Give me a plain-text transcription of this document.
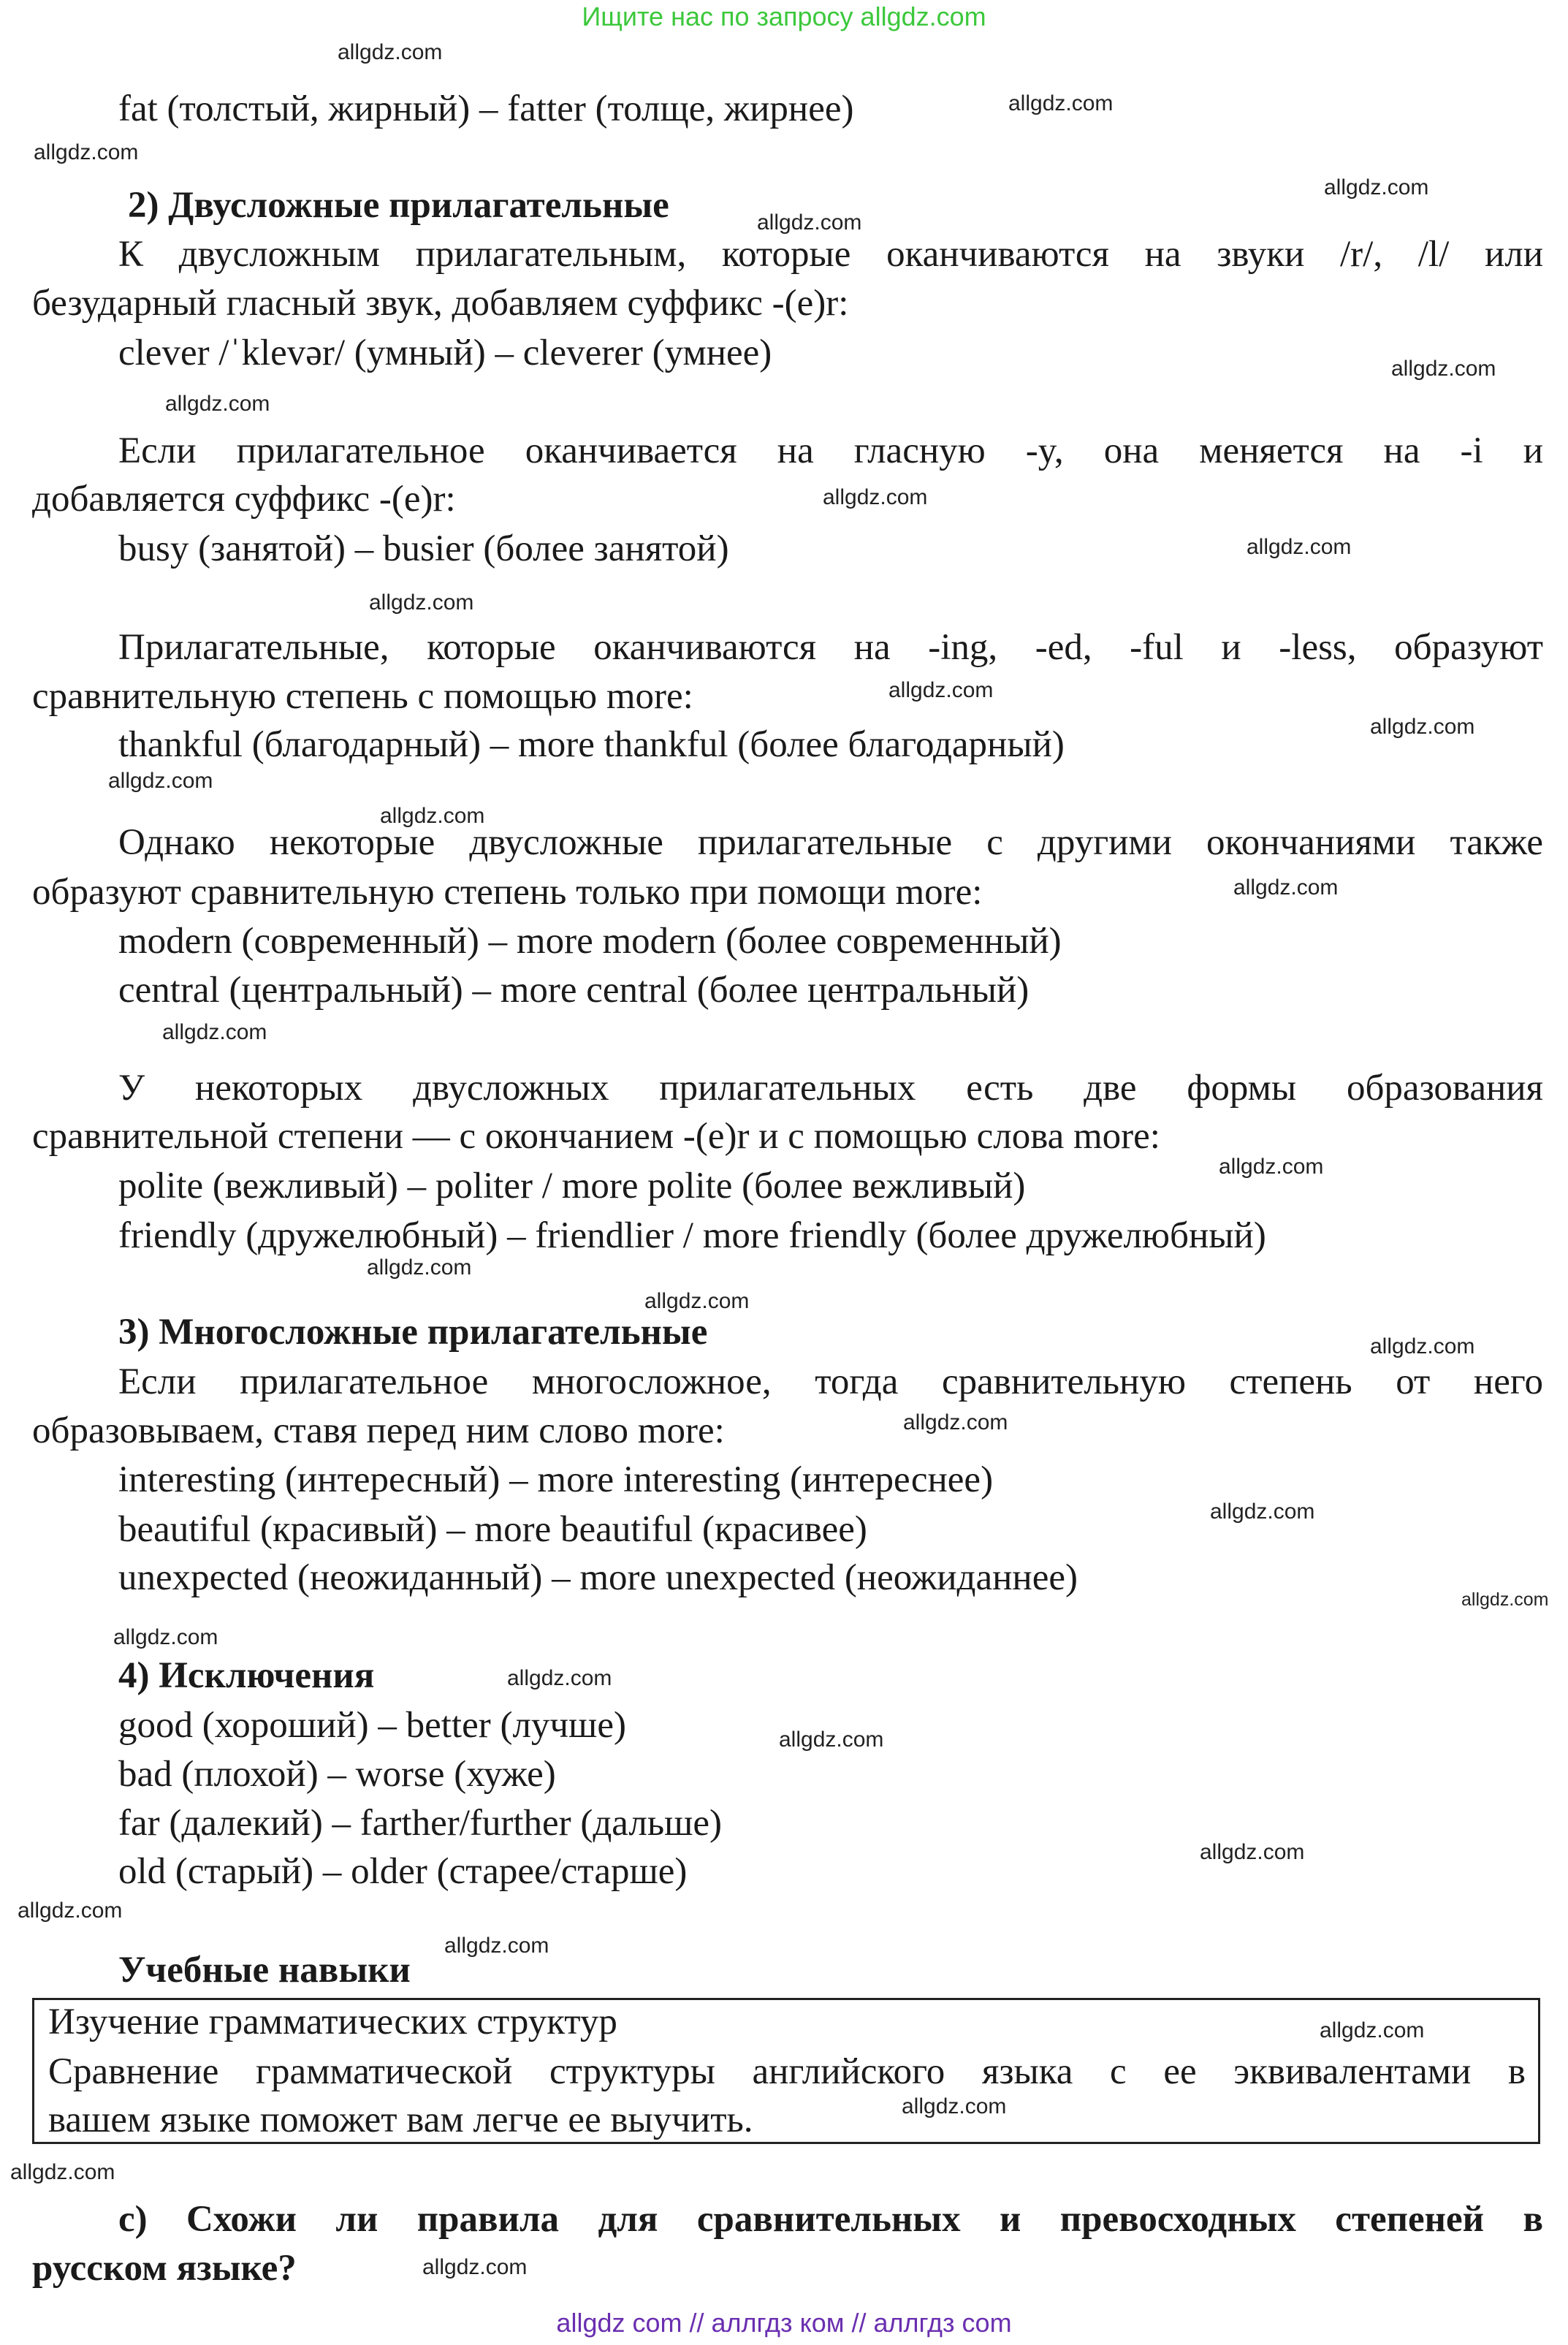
Ищите нас по запросу allgdz.com
fat (толстый, жирный) – fatter (толще, жирнее)
2) Двусложные прилагательные
К двусложным прилагательным, которые оканчиваются на звуки /r/, /l/ или
безударный гласный звук, добавляем суффикс -(e)r:
clever /ˈklevər/ (умный) – cleverer (умнее)
Если прилагательное оканчивается на гласную -y, она меняется на -i и
добавляется суффикс -(e)r:
busy (занятой) – busier (более занятой)
Прилагательные, которые оканчиваются на -ing, -ed, -ful и -less, образуют
сравнительную степень с помощью more:
thankful (благодарный) – more thankful (более благодарный)
Однако некоторые двусложные прилагательные с другими окончаниями также
образуют сравнительную степень только при помощи more:
modern (современный) – more modern (более современный)
central (центральный) – more central (более центральный)
У некоторых двусложных прилагательных есть две формы образования
сравнительной степени — с окончанием -(e)r и с помощью слова more:
polite (вежливый) – politer / more polite (более вежливый)
friendly (дружелюбный) – friendlier / more friendly (более дружелюбный)
3) Многосложные прилагательные
Если прилагательное многосложное, тогда сравнительную степень от него
образовываем, ставя перед ним слово more:
interesting (интересный) – more interesting (интереснее)
beautiful (красивый) – more beautiful (красивее)
unexpected (неожиданный) – more unexpected (неожиданнее)
4) Исключения
good (хороший) – better (лучше)
bad (плохой) – worse (хуже)
far (далекий) – farther/further (дальше)
old (старый) – older (старее/старше)
Учебные навыки
Изучение грамматических структур
Сравнение грамматической структуры английского языка с ее эквивалентами в
вашем языке поможет вам легче ее выучить.
c) Схожи ли правила для сравнительных и превосходных степеней в
русском языке?
allgdz.com
allgdz.com
allgdz.com
allgdz.com
allgdz.com
allgdz.com
allgdz.com
allgdz.com
allgdz.com
allgdz.com
allgdz.com
allgdz.com
allgdz.com
allgdz.com
allgdz.com
allgdz.com
allgdz.com
allgdz.com
allgdz.com
allgdz.com
allgdz.com
allgdz.com
allgdz.com
allgdz.com
allgdz.com
allgdz.com
allgdz.com
allgdz.com
allgdz.com
allgdz.com
allgdz.com
allgdz.com
allgdz.com
allgdz com // аллгдз ком // аллгдз com
